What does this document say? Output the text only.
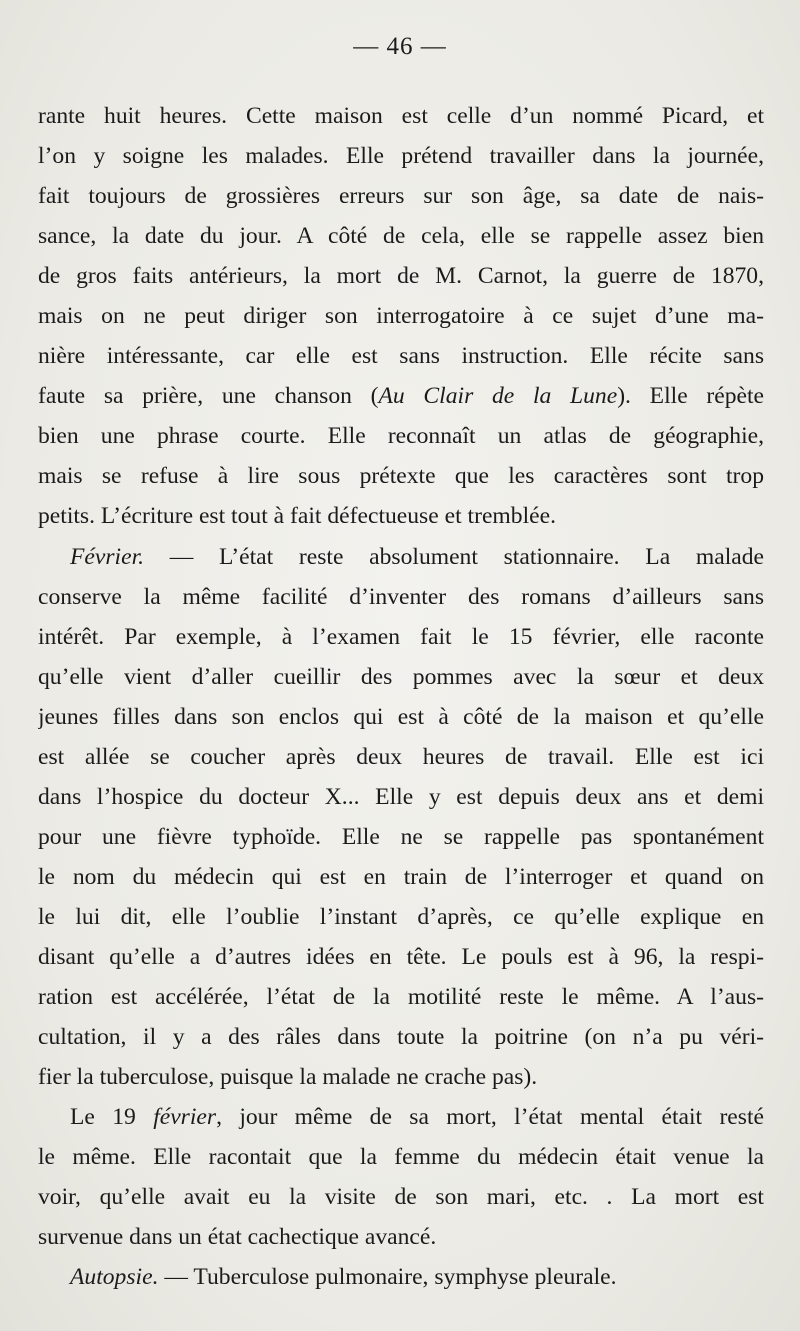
— 46 —
rante huit heures. Cette maison est celle d’un nommé Picard, et
l’on y soigne les malades. Elle prétend travailler dans la journée,
fait toujours de grossières erreurs sur son âge, sa date de nais-
sance, la date du jour. A côté de cela, elle se rappelle assez bien
de gros faits antérieurs, la mort de M. Carnot, la guerre de 1870,
mais on ne peut diriger son interrogatoire à ce sujet d’une ma-
nière intéressante, car elle est sans instruction. Elle récite sans
faute sa prière, une chanson (Au Clair de la Lune). Elle répète
bien une phrase courte. Elle reconnaît un atlas de géographie,
mais se refuse à lire sous prétexte que les caractères sont trop
petits. L’écriture est tout à fait défectueuse et tremblée.
Février. — L’état reste absolument stationnaire. La malade
conserve la même facilité d’inventer des romans d’ailleurs sans
intérêt. Par exemple, à l’examen fait le 15 février, elle raconte
qu’elle vient d’aller cueillir des pommes avec la sœur et deux
jeunes filles dans son enclos qui est à côté de la maison et qu’elle
est allée se coucher après deux heures de travail. Elle est ici
dans l’hospice du docteur X... Elle y est depuis deux ans et demi
pour une fièvre typhoïde. Elle ne se rappelle pas spontanément
le nom du médecin qui est en train de l’interroger et quand on
le lui dit, elle l’oublie l’instant d’après, ce qu’elle explique en
disant qu’elle a d’autres idées en tête. Le pouls est à 96, la respi-
ration est accélérée, l’état de la motilité reste le même. A l’aus-
cultation, il y a des râles dans toute la poitrine (on n’a pu véri-
fier la tuberculose, puisque la malade ne crache pas).
Le 19 février, jour même de sa mort, l’état mental était resté
le même. Elle racontait que la femme du médecin était venue la
voir, qu’elle avait eu la visite de son mari, etc. . La mort est
survenue dans un état cachectique avancé.
Autopsie. — Tuberculose pulmonaire, symphyse pleurale.
